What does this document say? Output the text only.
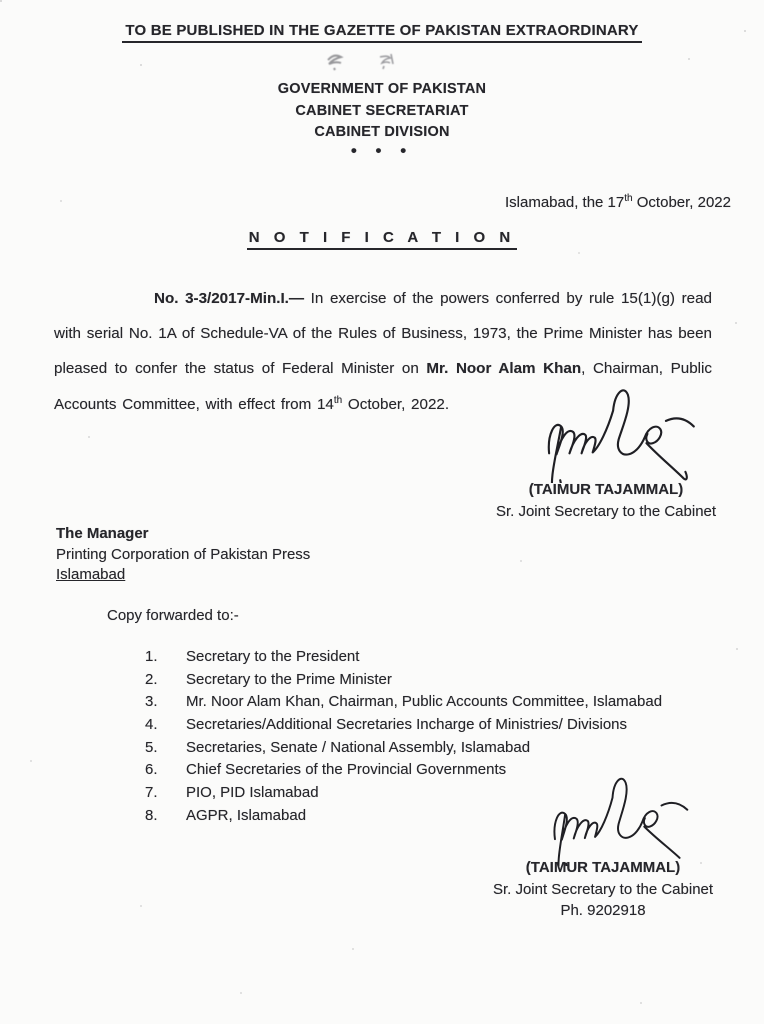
TO BE PUBLISHED IN THE GAZETTE OF PAKISTAN EXTRAORDINARY
GOVERNMENT OF PAKISTAN
CABINET SECRETARIAT
CABINET DIVISION
• • •
Islamabad, the 17th October, 2022
N O T I F I C A T I O N

No. 3-3/2017-Min.I.— In exercise of the powers conferred by rule 15(1)(g) read with serial No. 1A of Schedule-VA of the Rules of Business, 1973, the Prime Minister has been pleased to confer the status of Federal Minister on Mr. Noor Alam Khan, Chairman, Public Accounts Committee, with effect from 14th October, 2022.

(TAIMUR TAJAMMAL)
Sr. Joint Secretary to the Cabinet
The Manager
Printing Corporation of Pakistan Press
Islamabad
Copy forwarded to:-
1.	Secretary to the President
2.	Secretary to the Prime Minister
3.	Mr. Noor Alam Khan, Chairman, Public Accounts Committee, Islamabad
4.	Secretaries/Additional Secretaries Incharge of Ministries/ Divisions
5.	Secretaries, Senate / National Assembly, Islamabad
6.	Chief Secretaries of the Provincial Governments
7.	PIO, PID Islamabad
8.	AGPR, Islamabad
(TAIMUR TAJAMMAL)
Sr. Joint Secretary to the Cabinet
Ph. 9202918
